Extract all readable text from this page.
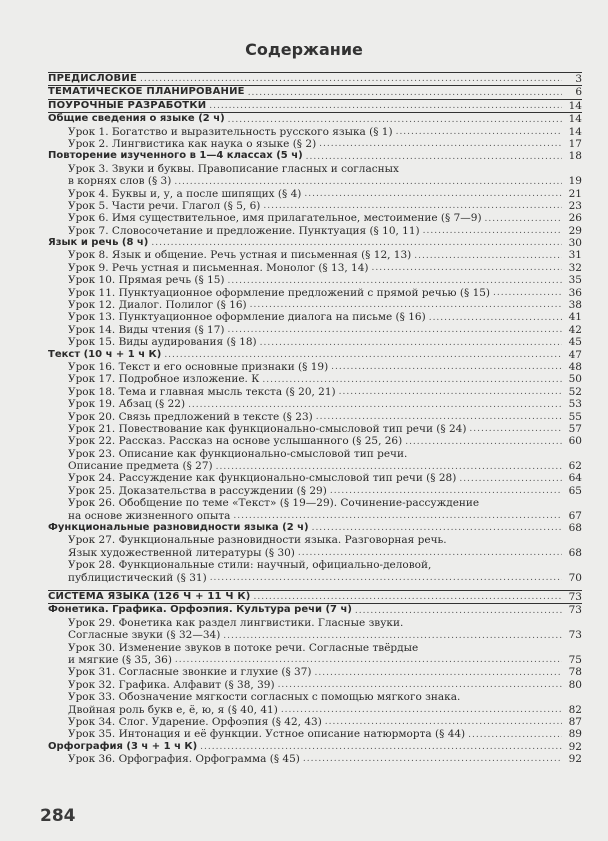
Содержание
ПРЕДИСЛОВИЕ .....	3
ТЕМАТИЧЕСКОЕ ПЛАНИРОВАНИЕ .....	6
ПОУРОЧНЫЕ РАЗРАБОТКИ .....	14
Общие сведения о языке (2 ч) .....	14
Урок 1. Богатство и выразительность русского языка (§ 1) .....	14
Урок 2. Лингвистика как наука о языке (§ 2) .....	17
Повторение изученного в 1—4 классах (5 ч) .....	18
Урок 3. Звуки и буквы. Правописание гласных и согласных
в корнях слов (§ 3) .....	19
Урок 4. Буквы и, у, а после шипящих (§ 4) .....	21
Урок 5. Части речи. Глагол (§ 5, 6) .....	23
Урок 6. Имя существительное, имя прилагательное, местоимение (§ 7—9) .....	26
Урок 7. Словосочетание и предложение. Пунктуация (§ 10, 11) .....	29
Язык и речь (8 ч) .....	30
Урок 8. Язык и общение. Речь устная и письменная (§ 12, 13) .....	31
Урок 9. Речь устная и письменная. Монолог (§ 13, 14) .....	32
Урок 10. Прямая речь (§ 15) .....	35
Урок 11. Пунктуационное оформление предложений с прямой речью (§ 15) .....	36
Урок 12. Диалог. Полилог (§ 16) .....	38
Урок 13. Пунктуационное оформление диалога на письме (§ 16) .....	41
Урок 14. Виды чтения (§ 17) .....	42
Урок 15. Виды аудирования (§ 18) .....	45
Текст (10 ч + 1 ч К) .....	47
Урок 16. Текст и его основные признаки (§ 19) .....	48
Урок 17. Подробное изложение. К .....	50
Урок 18. Тема и главная мысль текста (§ 20, 21) .....	52
Урок 19. Абзац (§ 22) .....	53
Урок 20. Связь предложений в тексте (§ 23) .....	55
Урок 21. Повествование как функционально-смысловой тип речи (§ 24) .....	57
Урок 22. Рассказ. Рассказ на основе услышанного (§ 25, 26) .....	60
Урок 23. Описание как функционально-смысловой тип речи.
Описание предмета (§ 27) .....	62
Урок 24. Рассуждение как функционально-смысловой тип речи (§ 28) .....	64
Урок 25. Доказательства в рассуждении (§ 29) .....	65
Урок 26. Обобщение по теме «Текст» (§ 19—29). Сочинение-рассуждение
на основе жизненного опыта .....	67
Функциональные разновидности языка (2 ч) .....	68
Урок 27. Функциональные разновидности языка. Разговорная речь.
Язык художественной литературы (§ 30) .....	68
Урок 28. Функциональные стили: научный, официально-деловой,
публицистический (§ 31) .....	70
СИСТЕМА ЯЗЫКА (126 Ч + 11 Ч К) .....	73
Фонетика. Графика. Орфоэпия. Культура речи (7 ч) .....	73
Урок 29. Фонетика как раздел лингвистики. Гласные звуки.
Согласные звуки (§ 32—34) .....	73
Урок 30. Изменение звуков в потоке речи. Согласные твёрдые
и мягкие (§ 35, 36) .....	75
Урок 31. Согласные звонкие и глухие (§ 37) .....	78
Урок 32. Графика. Алфавит (§ 38, 39) .....	80
Урок 33. Обозначение мягкости согласных с помощью мягкого знака.
Двойная роль букв е, ё, ю, я (§ 40, 41) .....	82
Урок 34. Слог. Ударение. Орфоэпия (§ 42, 43) .....	87
Урок 35. Интонация и её функции. Устное описание натюрморта (§ 44) .....	89
Орфография (3 ч + 1 ч К) .....	92
Урок 36. Орфография. Орфограмма (§ 45) .....	92
284
